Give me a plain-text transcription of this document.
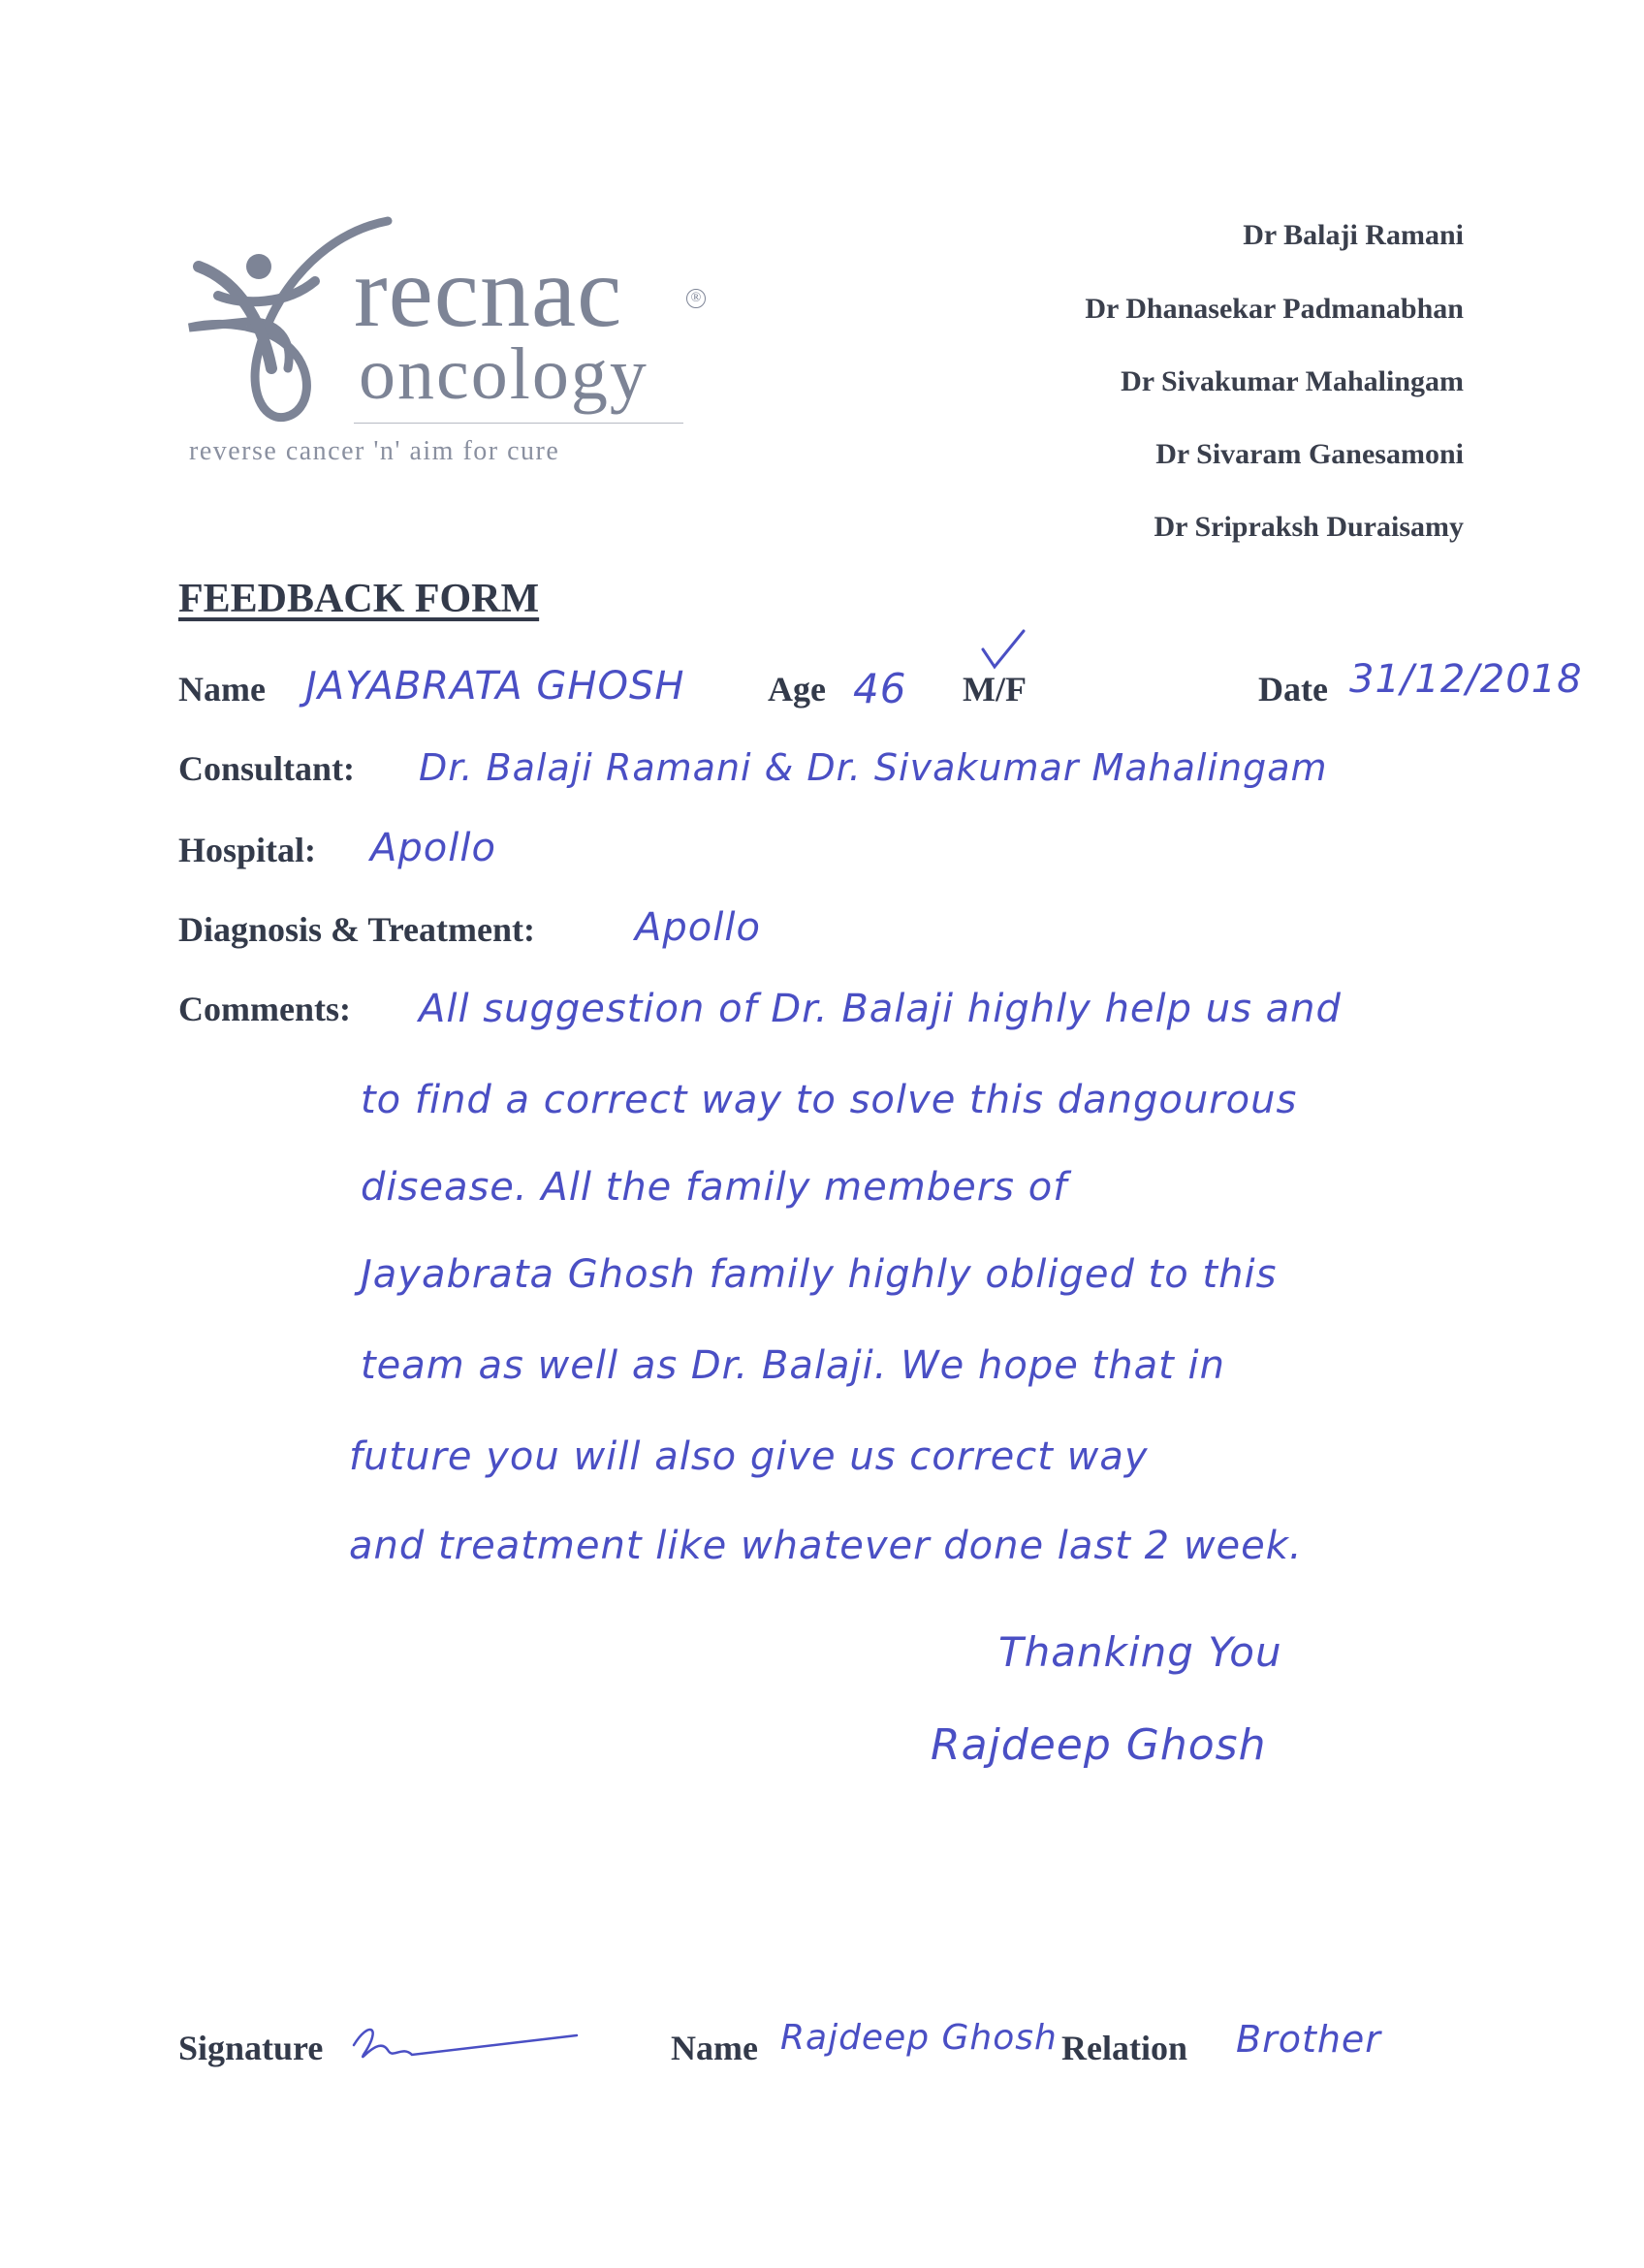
recnac	®
oncology
reverse cancer 'n' aim for cure
Dr Balaji Ramani
Dr Dhanasekar Padmanabhan
Dr Sivakumar Mahalingam
Dr Sivaram Ganesamoni
Dr Sripraksh Duraisamy
FEEDBACK FORM
Name JAYABRATA GHOSH Age 46 M/F	Date 31/12/2018
Consultant: Dr. Balaji Ramani & Dr. Sivakumar Mahalingam
Hospital: Apollo
Diagnosis & Treatment:	Apollo
Comments: All suggestion of Dr. Balaji highly help us and
to find a correct way to solve this dangourous
disease. All the family members of
Jayabrata Ghosh family highly obliged to this
team as well as Dr. Balaji. We hope that in
future you will also give us correct way
and treatment like whatever done last 2 week.
Thanking You
Rajdeep Ghosh
Signature	Name Rajdeep Ghosh Relation Brother
